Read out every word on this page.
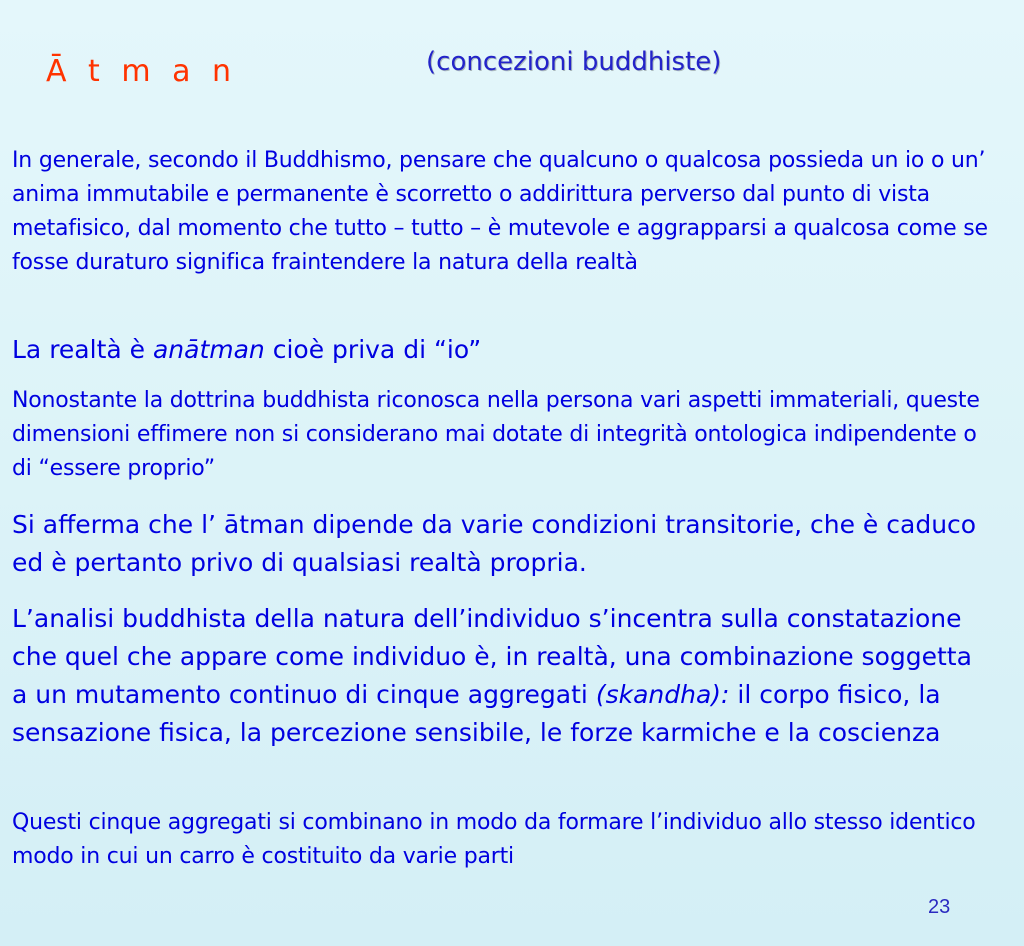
Ā t m a n	(concezioni buddhiste)

In generale, secondo il Buddhismo, pensare che qualcuno o qualcosa possieda un io o un’ anima immutabile e permanente è scorretto o addirittura perverso dal punto di vista metafisico, dal momento che tutto – tutto – è mutevole e aggrapparsi a qualcosa come se fosse duraturo significa fraintendere la natura della realtà

La realtà è anātman cioè priva di “io”

Nonostante la dottrina buddhista riconosca nella persona vari aspetti immateriali, queste dimensioni effimere non si considerano mai dotate di integrità ontologica indipendente o di “essere proprio”

Si afferma che l’ ātman dipende da varie condizioni transitorie, che è caduco ed è pertanto privo di qualsiasi realtà propria.

L’analisi buddhista della natura dell’individuo s’incentra sulla constatazione che quel che appare come individuo è, in realtà, una combinazione soggetta a un mutamento continuo di cinque aggregati (skandha): il corpo fisico, la sensazione fisica, la percezione sensibile, le forze karmiche e la coscienza

Questi cinque aggregati si combinano in modo da formare l’individuo allo stesso identico modo in cui un carro è costituito da varie parti

23
